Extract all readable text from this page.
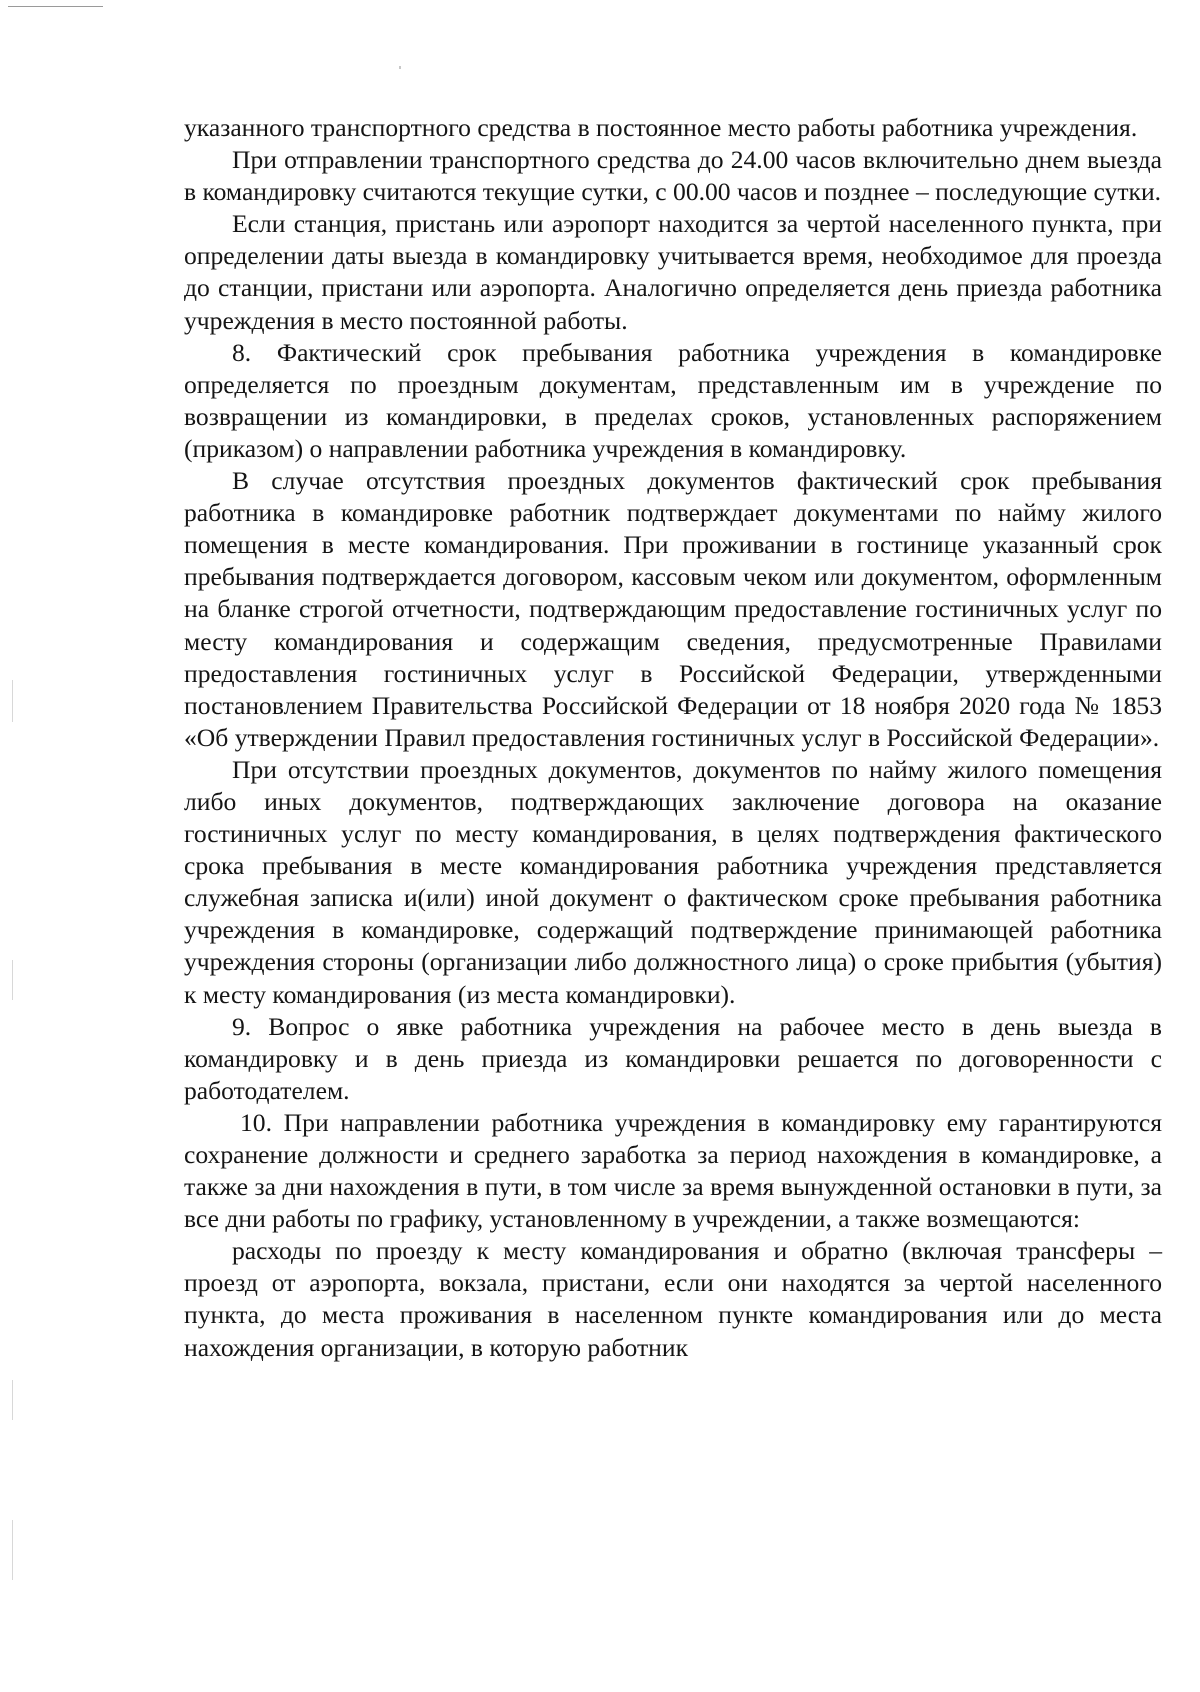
указанного транспортного средства в постоянное место работы работника учреждения.

При отправлении транспортного средства до 24.00 часов включительно днем выезда в командировку считаются текущие сутки, с 00.00 часов и позднее – последующие сутки.

Если станция, пристань или аэропорт находится за чертой населенного пункта, при определении даты выезда в командировку учитывается время, необходимое для проезда до станции, пристани или аэропорта. Аналогично определяется день приезда работника учреждения в место постоянной работы.

8. Фактический срок пребывания работника учреждения в командировке определяется по проездным документам, представленным им в учреждение по возвращении из командировки, в пределах сроков, установленных распоряжением (приказом) о направлении работника учреждения в командировку.

В случае отсутствия проездных документов фактический срок пребывания работника в командировке работник подтверждает документами по найму жилого помещения в месте командирования. При проживании в гостинице указанный срок пребывания подтверждается договором, кассовым чеком или документом, оформленным на бланке строгой отчетности, подтверждающим предоставление гостиничных услуг по месту командирования и содержащим сведения, предусмотренные Правилами предоставления гостиничных услуг в Российской Федерации, утвержденными постановлением Правительства Российской Федерации от 18 ноября 2020 года № 1853 «Об утверждении Правил предоставления гостиничных услуг в Российской Федерации».

При отсутствии проездных документов, документов по найму жилого помещения либо иных документов, подтверждающих заключение договора на оказание гостиничных услуг по месту командирования, в целях подтверждения фактического срока пребывания в месте командирования работника учреждения представляется служебная записка и(или) иной документ о фактическом сроке пребывания работника учреждения в командировке, содержащий подтверждение принимающей работника учреждения стороны (организации либо должностного лица) о сроке прибытия (убытия) к месту командирования (из места командировки).

9. Вопрос о явке работника учреждения на рабочее место в день выезда в командировку и в день приезда из командировки решается по договоренности с работодателем.

10. При направлении работника учреждения в командировку ему гарантируются сохранение должности и среднего заработка за период нахождения в командировке, а также за дни нахождения в пути, в том числе за время вынужденной остановки в пути, за все дни работы по графику, установленному в учреждении, а также возмещаются:

расходы по проезду к месту командирования и обратно (включая трансферы – проезд от аэропорта, вокзала, пристани, если они находятся за чертой населенного пункта, до места проживания в населенном пункте командирования или до места нахождения организации, в которую работник
